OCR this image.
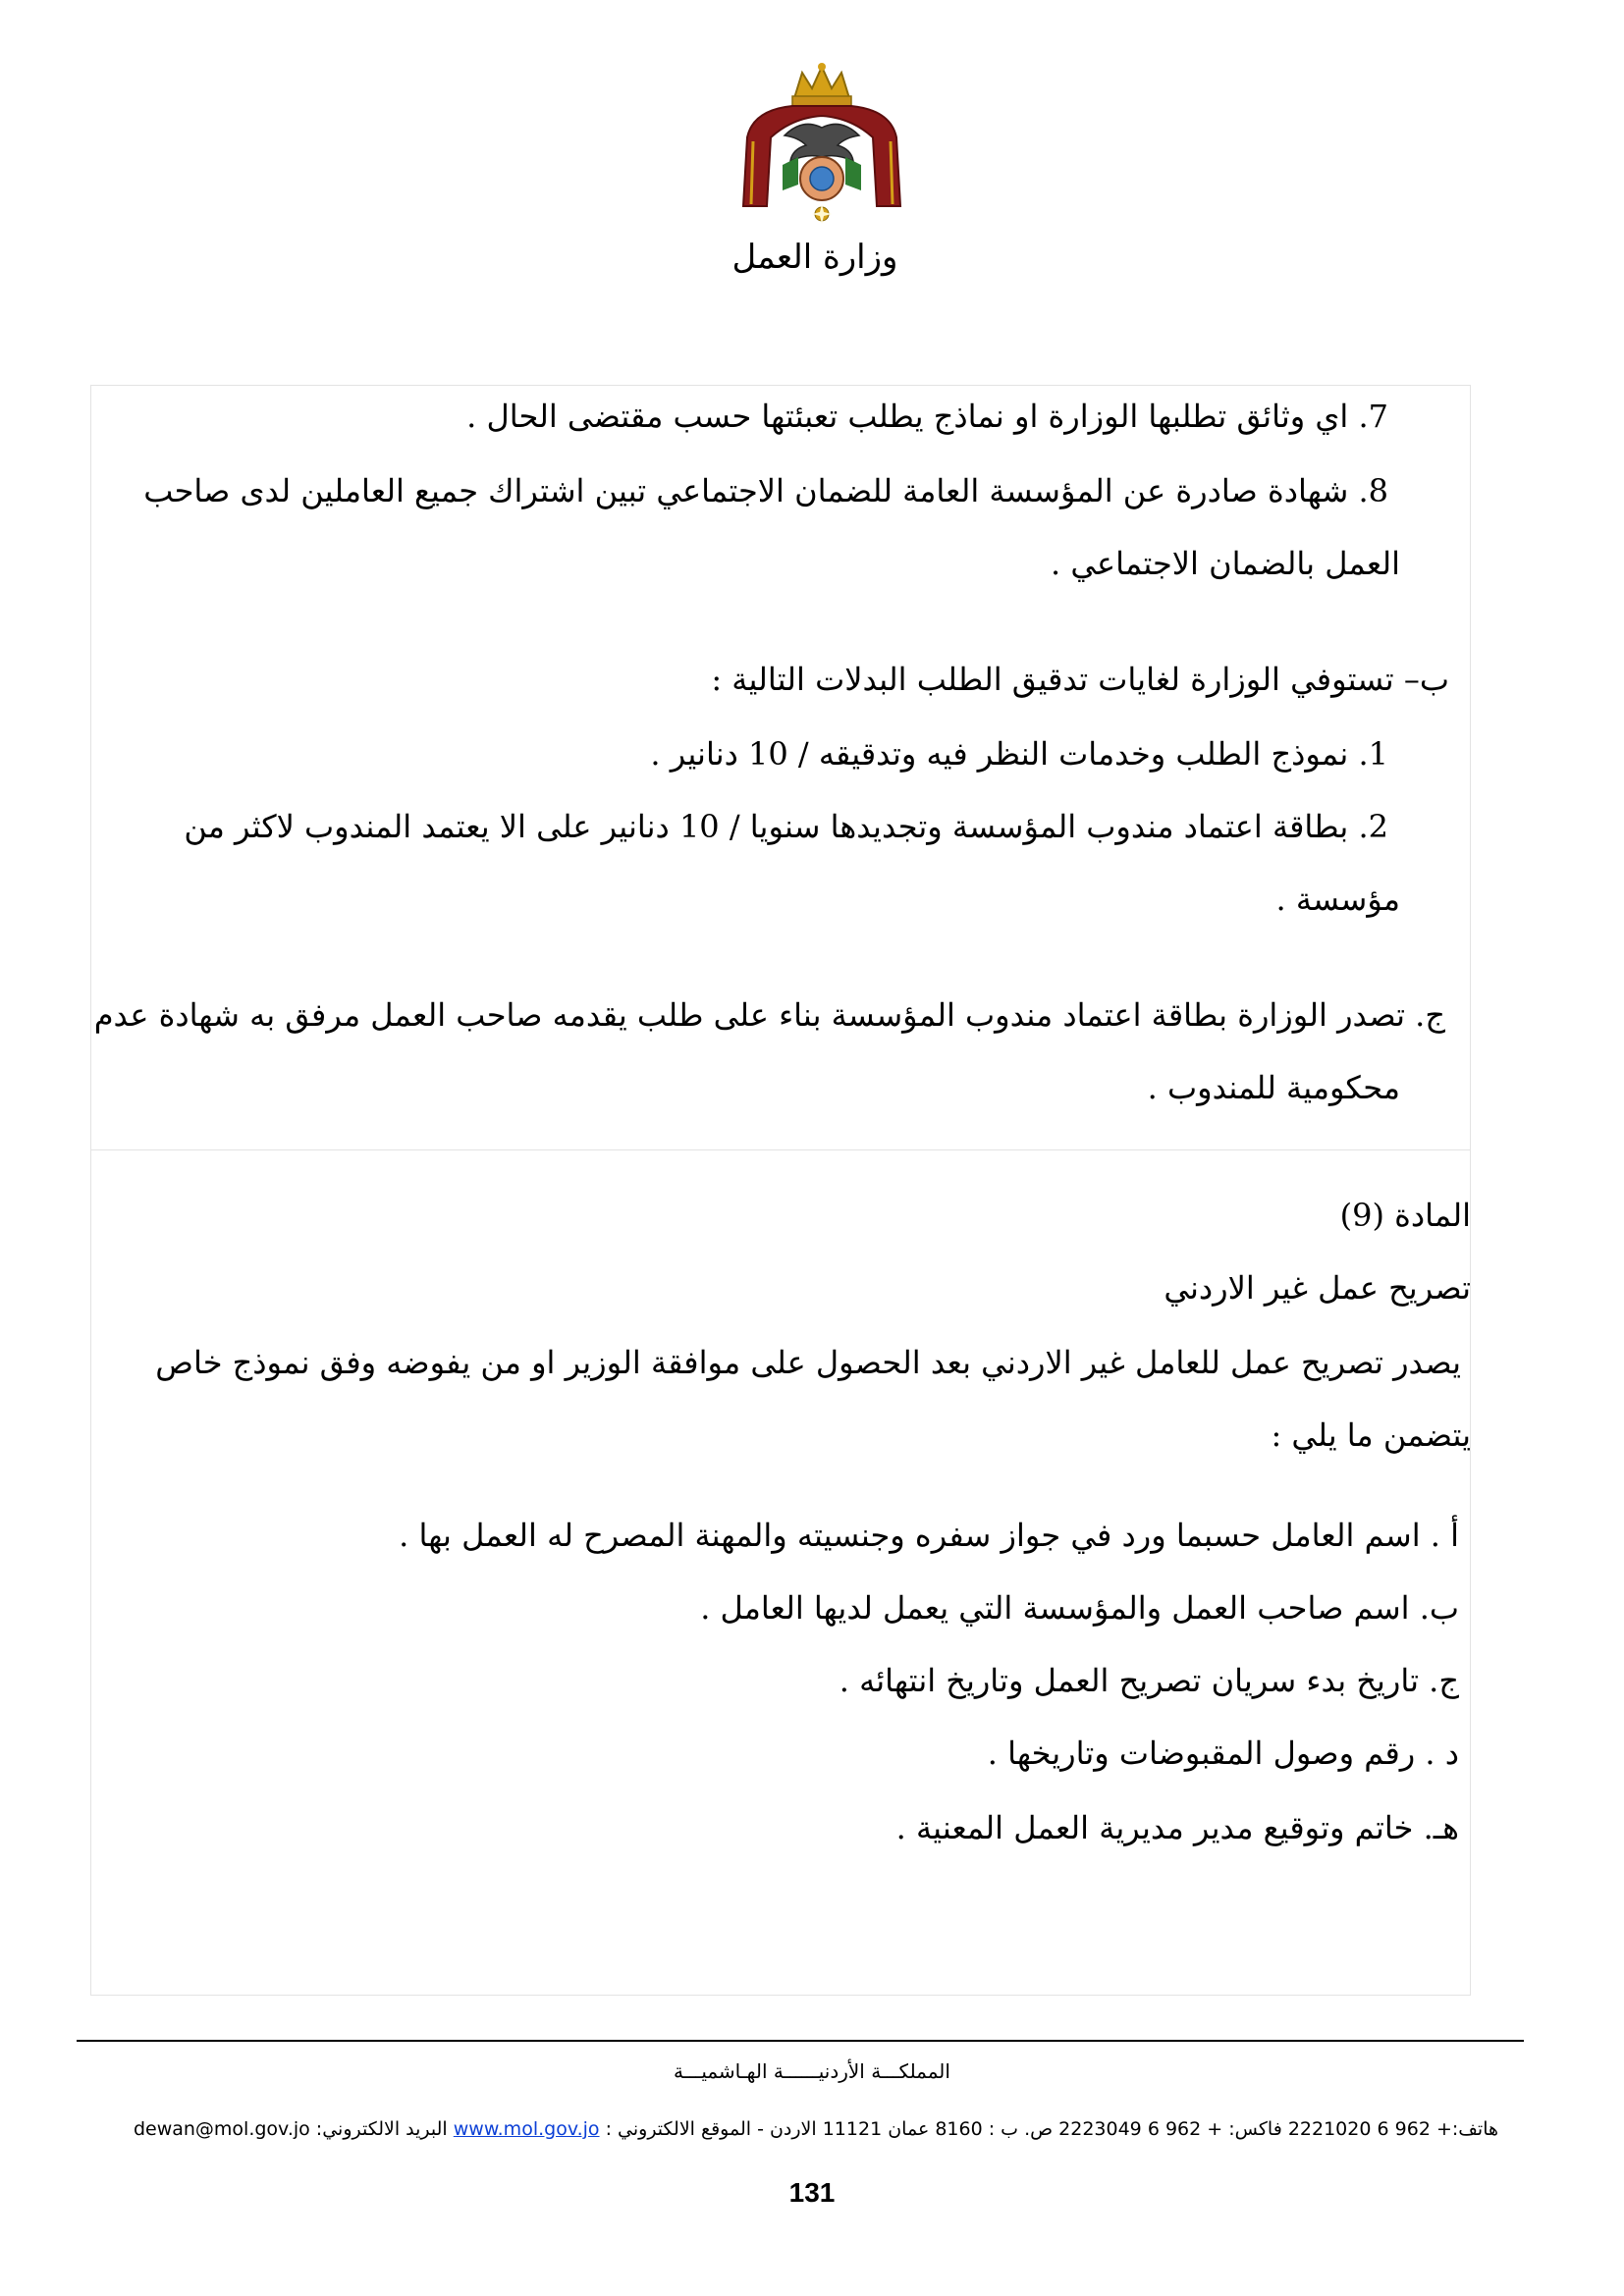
وزارة العمل
7. اي وثائق تطلبها الوزارة او نماذج يطلب تعبئتها حسب مقتضى الحال .
8. شهادة صادرة عن المؤسسة العامة للضمان الاجتماعي تبين اشتراك جميع العاملين لدى صاحب
العمل بالضمان الاجتماعي .
ب– تستوفي الوزارة لغايات تدقيق الطلب البدلات التالية :
1. نموذج الطلب وخدمات النظر فيه وتدقيقه / 10 دنانير .
2. بطاقة اعتماد مندوب المؤسسة وتجديدها سنويا / 10 دنانير على الا يعتمد المندوب لاكثر من
مؤسسة .
ج. تصدر الوزارة بطاقة اعتماد مندوب المؤسسة بناء على طلب يقدمه صاحب العمل مرفق به شهادة عدم
محكومية للمندوب .
المادة (9)
تصريح عمل غير الاردني
يصدر تصريح عمل للعامل غير الاردني بعد الحصول على موافقة الوزير او من يفوضه وفق نموذج خاص
يتضمن ما يلي :
أ . اسم العامل حسبما ورد في جواز سفره وجنسيته والمهنة المصرح له العمل بها .
ب. اسم صاحب العمل والمؤسسة التي يعمل لديها العامل .
ج. تاريخ بدء سريان تصريح العمل وتاريخ انتهائه .
د . رقم وصول المقبوضات وتاريخها .
هـ. خاتم وتوقيع مدير مديرية العمل المعنية .
المملكـــة الأردنيــــــة الهـاشميـــة
هاتف:+ 962 6 2221020 فاكس: + 962 6 2223049 ص. ب : 8160 عمان 11121 الاردن - الموقع الالكتروني : www.mol.gov.jo البريد الالكتروني: dewan@mol.gov.jo
131
